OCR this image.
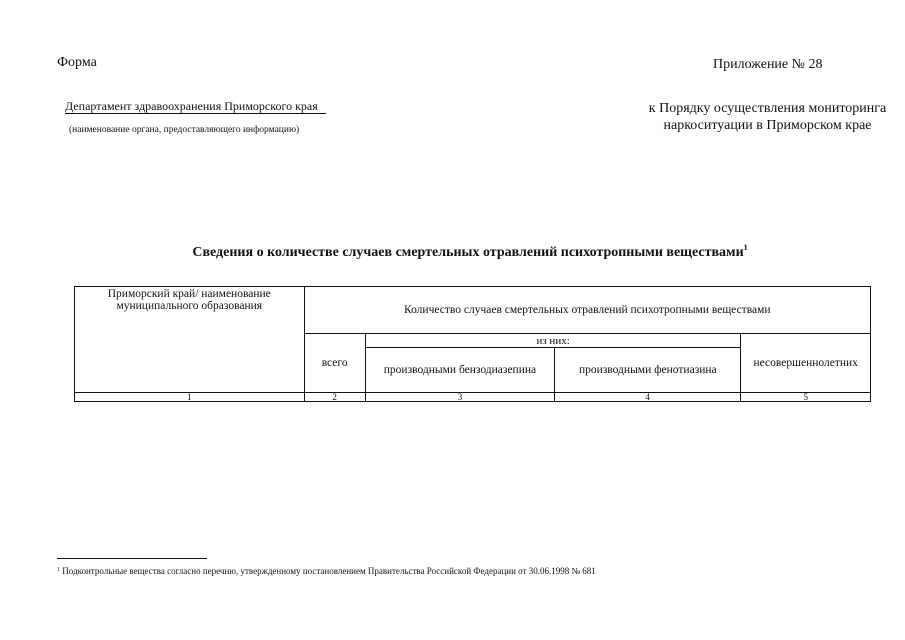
Форма	Приложение № 28
Департамент здравоохранения Приморского края
(наименование органа, предоставляющего информацию)
к Порядку осуществления мониторинга наркоситуации в Приморском крае
Сведения о количестве случаев смертельных отравлений психотропными веществами$^1$
Приморский край/ наименование муниципального образования	Количество случаев смертельных отравлений психотропными веществами			
	всего	из них:		несовершеннолетних
		производными бензодиазепина	производными фенотиазина	
1	2	3	4	5
$^1$ Подконтрольные вещества согласно перечню, утвержденному постановлением Правительства Российской Федерации от 30.06.1998 № 681
